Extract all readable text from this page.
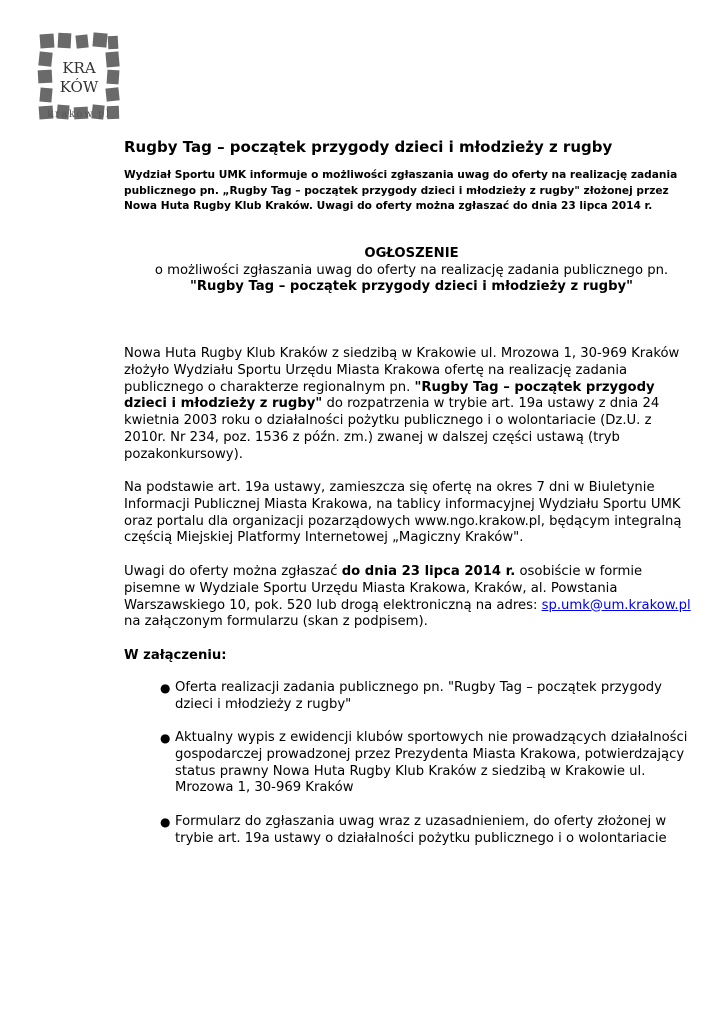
KRA
KÓW
krakow.pl
Rugby Tag – początek przygody dzieci i młodzieży z rugby
Wydział Sportu UMK informuje o możliwości zgłaszania uwag do oferty na realizację zadania
publicznego pn. „Rugby Tag – początek przygody dzieci i młodzieży z rugby" złożonej przez
Nowa Huta Rugby Klub Kraków. Uwagi do oferty można zgłaszać do dnia 23 lipca 2014 r.
OGŁOSZENIE
o możliwości zgłaszania uwag do oferty na realizację zadania publicznego pn.
"Rugby Tag – początek przygody dzieci i młodzieży z rugby"
Nowa Huta Rugby Klub Kraków z siedzibą w Krakowie ul. Mrozowa 1, 30-969 Kraków
złożyło Wydziału Sportu Urzędu Miasta Krakowa ofertę na realizację zadania
publicznego o charakterze regionalnym pn. "Rugby Tag – początek przygody
dzieci i młodzieży z rugby" do rozpatrzenia w trybie art. 19a ustawy z dnia 24
kwietnia 2003 roku o działalności pożytku publicznego i o wolontariacie (Dz.U. z
2010r. Nr 234, poz. 1536 z późn. zm.) zwanej w dalszej części ustawą (tryb
pozakonkursowy).
Na podstawie art. 19a ustawy, zamieszcza się ofertę na okres 7 dni w Biuletynie
Informacji Publicznej Miasta Krakowa, na tablicy informacyjnej Wydziału Sportu UMK
oraz portalu dla organizacji pozarządowych www.ngo.krakow.pl, będącym integralną
częścią Miejskiej Platformy Internetowej „Magiczny Kraków".
Uwagi do oferty można zgłaszać do dnia 23 lipca 2014 r. osobiście w formie
pisemne w Wydziale Sportu Urzędu Miasta Krakowa, Kraków, al. Powstania
Warszawskiego 10, pok. 520 lub drogą elektroniczną na adres: sp.umk@um.krakow.pl
na załączonym formularzu (skan z podpisem).
W załączeniu:
● Oferta realizacji zadania publicznego pn. "Rugby Tag – początek przygody
dzieci i młodzieży z rugby"
● Aktualny wypis z ewidencji klubów sportowych nie prowadzących działalności
gospodarczej prowadzonej przez Prezydenta Miasta Krakowa, potwierdzający
status prawny Nowa Huta Rugby Klub Kraków z siedzibą w Krakowie ul.
Mrozowa 1, 30-969 Kraków
● Formularz do zgłaszania uwag wraz z uzasadnieniem, do oferty złożonej w
trybie art. 19a ustawy o działalności pożytku publicznego i o wolontariacie
